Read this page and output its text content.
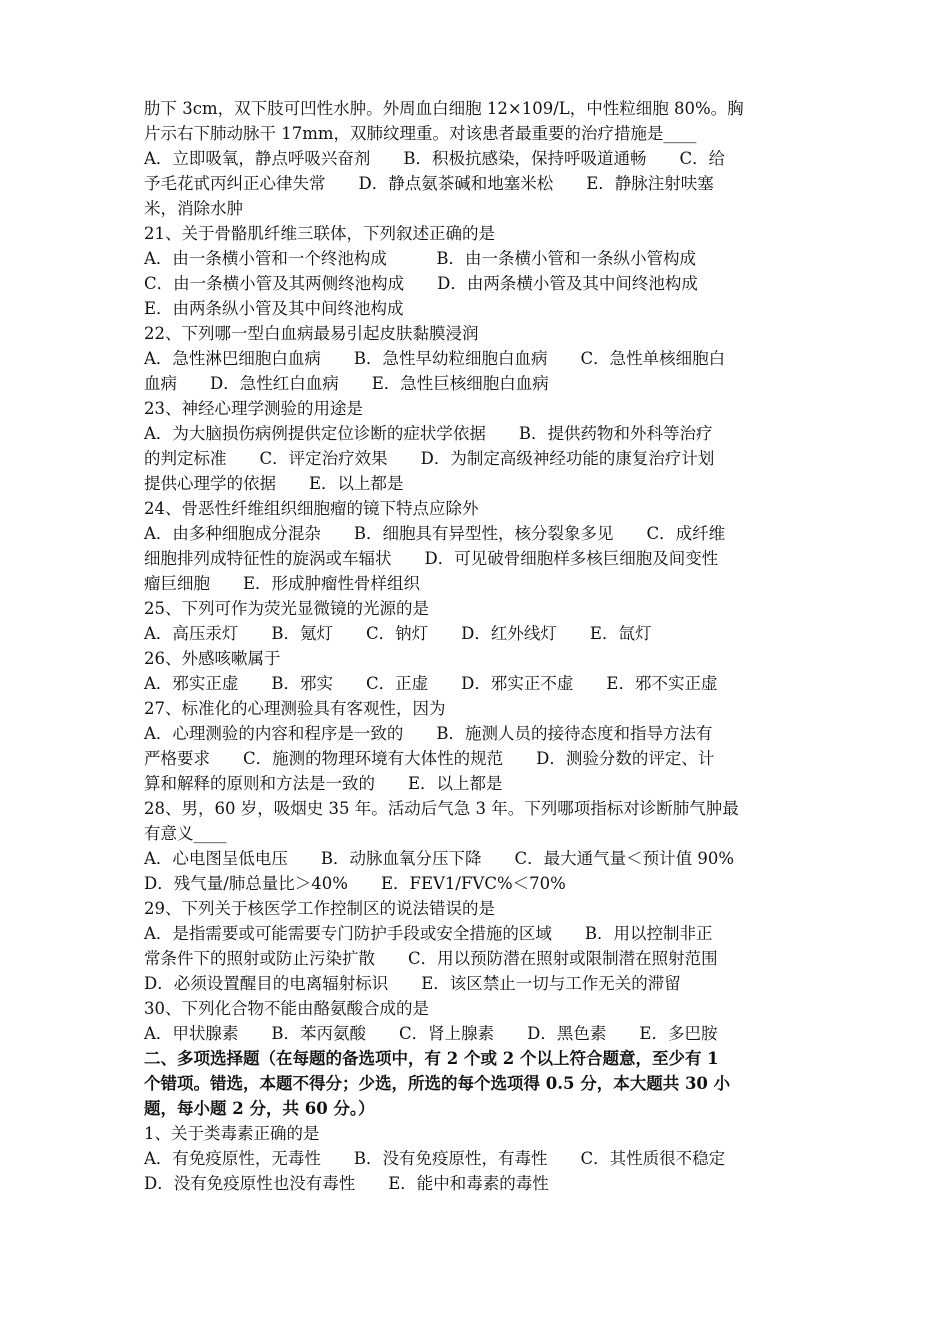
肋下 3cm，双下肢可凹性水肿。外周血白细胞 12×109/L，中性粒细胞 80%。胸

片示右下肺动脉干 17mm，双肺纹理重。对该患者最重要的治疗措施是____

A．立即吸氧，静点呼吸兴奋剂　　B．积极抗感染，保持呼吸道通畅　　C．给

予毛花甙丙纠正心律失常　　D．静点氨茶碱和地塞米松　　E．静脉注射呋塞

米，消除水肿

21、关于骨骼肌纤维三联体，下列叙述正确的是

A．由一条横小管和一个终池构成　　　B．由一条横小管和一条纵小管构成

C．由一条横小管及其两侧终池构成　　D．由两条横小管及其中间终池构成

E．由两条纵小管及其中间终池构成

22、下列哪一型白血病最易引起皮肤黏膜浸润

A．急性淋巴细胞白血病　　B．急性早幼粒细胞白血病　　C．急性单核细胞白

血病　　D．急性红白血病　　E．急性巨核细胞白血病

23、神经心理学测验的用途是

A．为大脑损伤病例提供定位诊断的症状学依据　　B．提供药物和外科等治疗

的判定标准　　C．评定治疗效果　　D．为制定高级神经功能的康复治疗计划

提供心理学的依据　　E．以上都是

24、骨恶性纤维组织细胞瘤的镜下特点应除外

A．由多种细胞成分混杂　　B．细胞具有异型性，核分裂象多见　　C．成纤维

细胞排列成特征性的旋涡或车辐状　　D．可见破骨细胞样多核巨细胞及间变性

瘤巨细胞　　E．形成肿瘤性骨样组织

25、下列可作为荧光显微镜的光源的是

A．高压汞灯　　B．氪灯　　C．钠灯　　D．红外线灯　　E．氙灯

26、外感咳嗽属于

A．邪实正虚　　B．邪实　　C．正虚　　D．邪实正不虚　　E．邪不实正虚

27、标准化的心理测验具有客观性，因为

A．心理测验的内容和程序是一致的　　B．施测人员的接待态度和指导方法有

严格要求　　C．施测的物理环境有大体性的规范　　D．测验分数的评定、计

算和解释的原则和方法是一致的　　E．以上都是

28、男，60 岁，吸烟史 35 年。活动后气急 3 年。下列哪项指标对诊断肺气肿最

有意义____

A．心电图呈低电压　　B．动脉血氧分压下降　　C．最大通气量＜预计值 90%

D．残气量/肺总量比＞40%　　E．FEV1/FVC%＜70%

29、下列关于核医学工作控制区的说法错误的是

A．是指需要或可能需要专门防护手段或安全措施的区域　　B．用以控制非正

常条件下的照射或防止污染扩散　　C．用以预防潜在照射或限制潜在照射范围

D．必须设置醒目的电离辐射标识　　E．该区禁止一切与工作无关的滞留

30、下列化合物不能由酪氨酸合成的是

A．甲状腺素　　B．苯丙氨酸　　C．肾上腺素　　D．黑色素　　E．多巴胺

二、多项选择题（在每题的备选项中，有 2 个或 2 个以上符合题意，至少有 1

个错项。错选，本题不得分；少选，所选的每个选项得 0.5 分，本大题共 30 小

题，每小题 2 分，共 60 分。）

1、关于类毒素正确的是

A．有免疫原性，无毒性　　B．没有免疫原性，有毒性　　C．其性质很不稳定

D．没有免疫原性也没有毒性　　E．能中和毒素的毒性
